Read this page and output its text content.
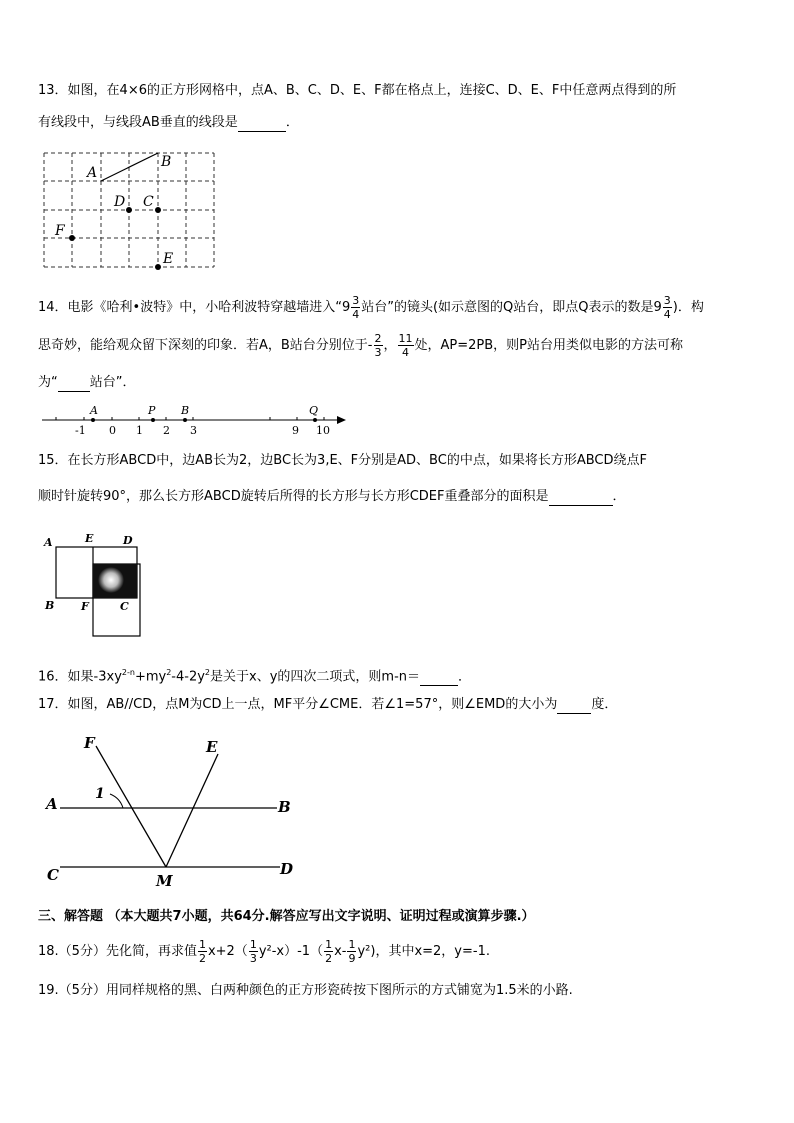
13．如图，在4×6的正方形网格中，点A、B、C、D、E、F都在格点上，连接C、D、E、F中任意两点得到的所
有线段中，与线段AB垂直的线段是	．
A
B
D C
F
E
14．电影《哈利•波特》中，小哈利波特穿越墙进入“$9 \frac{3}{4}$ 站台”的镜头(如示意图的Q站台，即点Q表示的数是$9 \frac{3}{4}$ )．构
思奇妙，能给观众留下深刻的印象．若A，B站台分别位于- $\frac{2}{3}$ ， $\frac{11}{4}$ 处，AP=2PB，则P站台用类似电影的方法可称
为“ 站台”．
A	P B	Q
-1 0 1 2 3	9 10
15．在长方形ABCD中，边AB长为2，边BC长为3,E、F分别是AD、BC的中点，如果将长方形ABCD绕点F
顺时针旋转90°，那么长方形ABCD旋转后所得的长方形与长方形CDEF重叠部分的面积是	．
A	E	D
B F	C
16．如果$-3xy^{2-n}+my^2-4-2y^2$是关于x、y的四次二项式，则m-n＝	．
17．如图，AB//CD，点M为CD上一点，MF平分∠CME．若∠1=57°，则∠EMD的大小为	度．
F	E
1
A	B
C	D
M
三、解答题 （本大题共7小题，共64分.解答应写出文字说明、证明过程或演算步骤.）
18.（5分）先化简，再求值 $\frac{1}{2} x+2( \frac{1}{3} y^2-x)-1( \frac{1}{2} x- \frac{1}{9} y^2)$，其中x=2，y=-1.
19.（5分）用同样规格的黑、白两种颜色的正方形瓷砖按下图所示的方式铺宽为1.5米的小路.
